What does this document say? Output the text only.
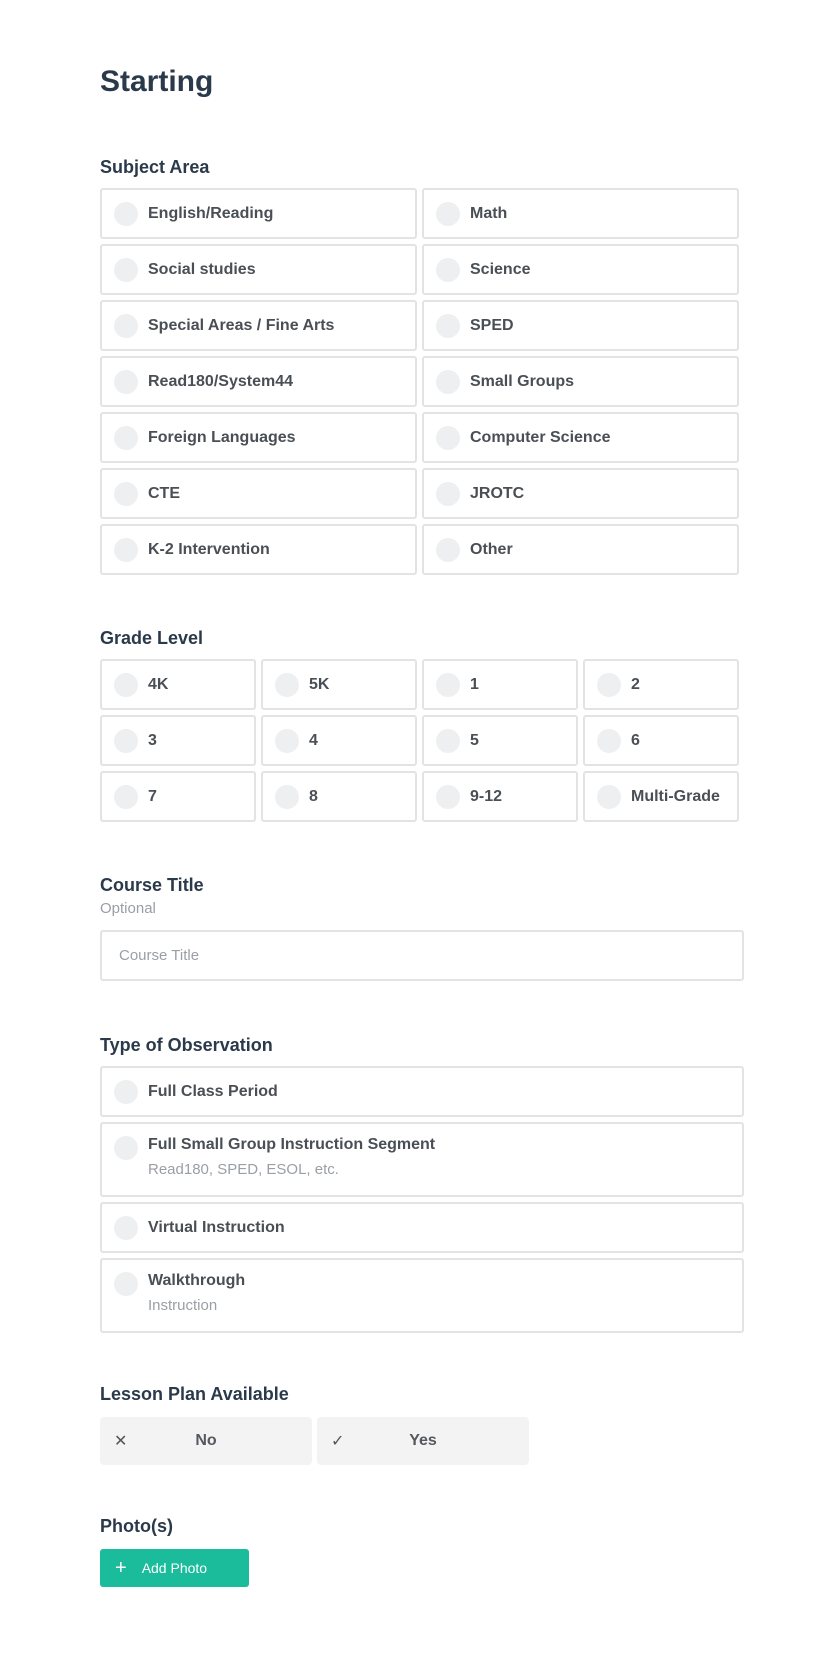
Starting
Subject Area
English/Reading	Math
Social studies	Science
Special Areas / Fine Arts	SPED
Read180/System44	Small Groups
Foreign Languages	Computer Science
CTE	JROTC
K-2 Intervention	Other
Grade Level
4K	5K	1	2
3	4	5	6
7	8	9-12	Multi-Grade
Course Title
Optional
Course Title
Type of Observation
Full Class Period
Full Small Group Instruction Segment
Read180, SPED, ESOL, etc.
Virtual Instruction
Walkthrough
Instruction
Lesson Plan Available
✕	No	✓	Yes
Photo(s)
+ Add Photo
